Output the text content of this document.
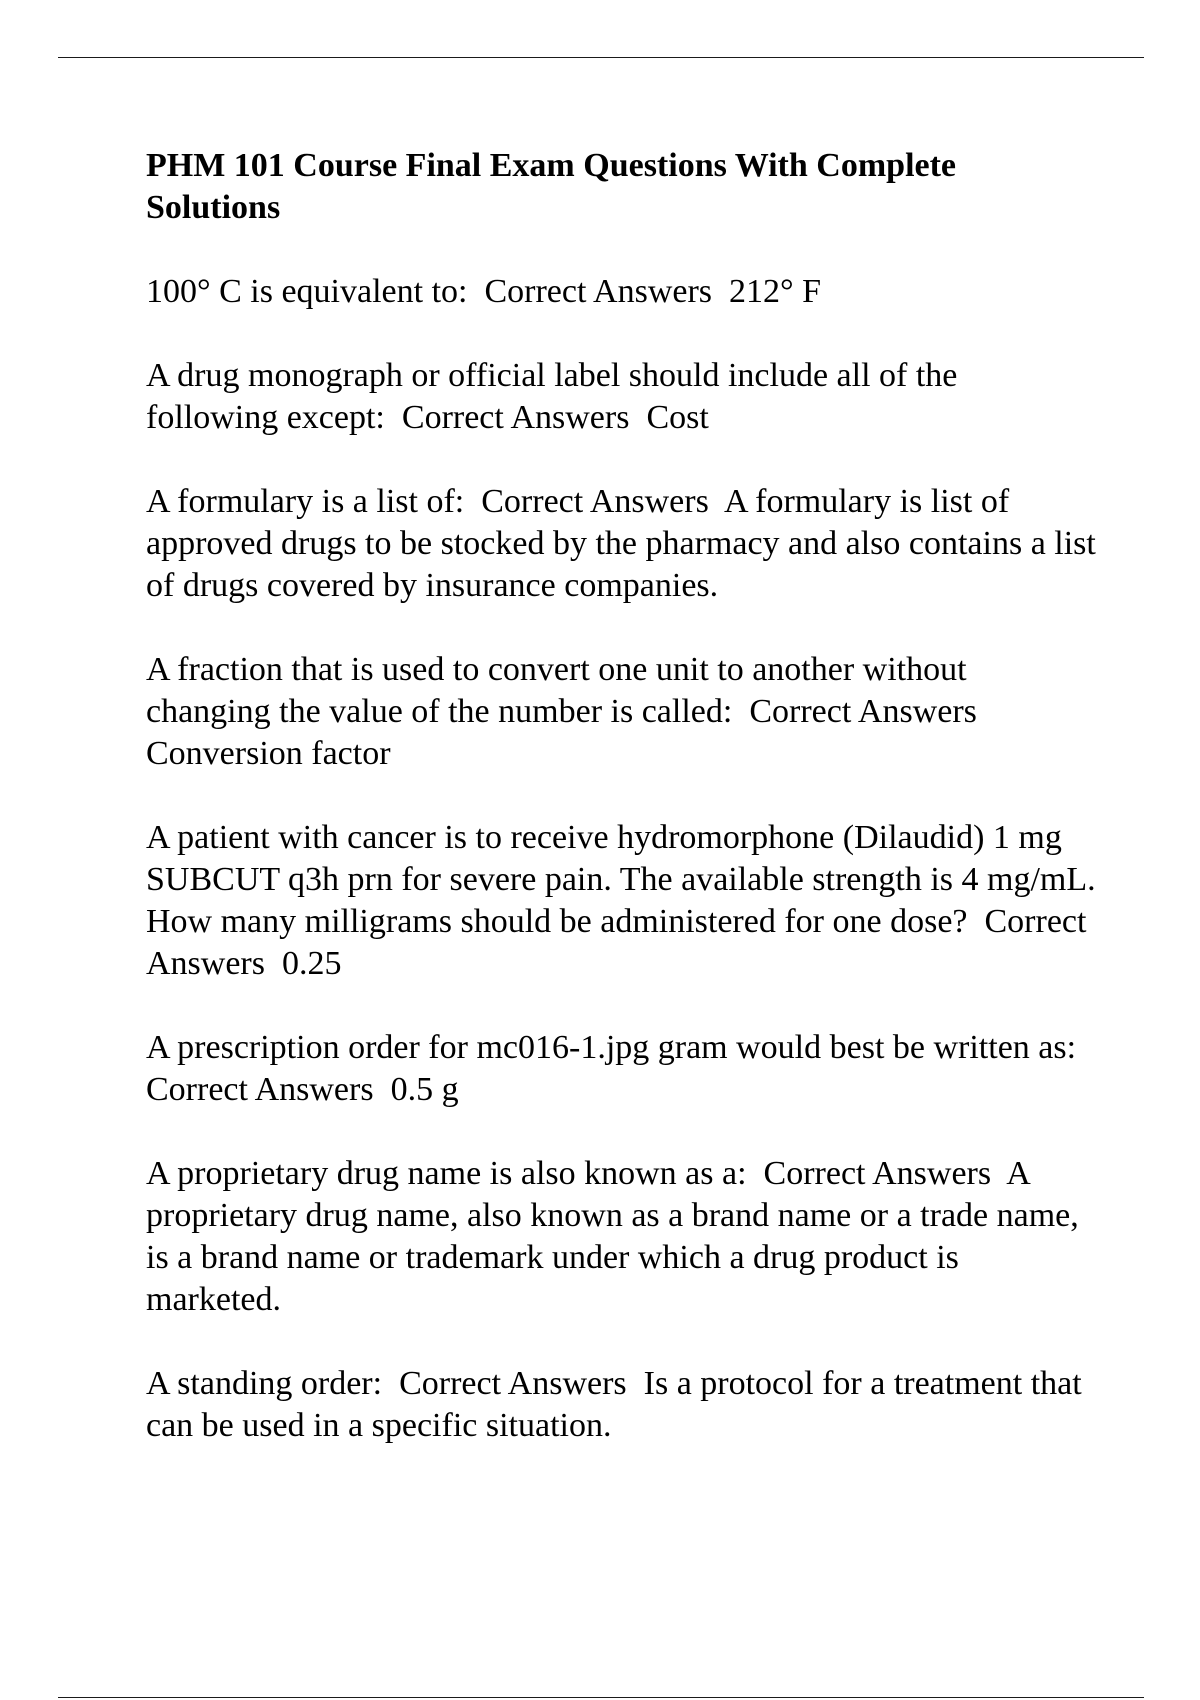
PHM 101 Course Final Exam Questions With Complete Solutions

100° C is equivalent to: Correct Answers 212° F

A drug monograph or official label should include all of the following except: Correct Answers Cost

A formulary is a list of: Correct Answers A formulary is list of approved drugs to be stocked by the pharmacy and also contains a list of drugs covered by insurance companies.

A fraction that is used to convert one unit to another without changing the value of the number is called: Correct Answers  Conversion factor

A patient with cancer is to receive hydromorphone (Dilaudid) 1 mg SUBCUT q3h prn for severe pain. The available strength is 4 mg/mL. How many milligrams should be administered for one dose? Correct Answers 0.25

A prescription order for mc016-1.jpg gram would best be written as:  Correct Answers 0.5 g

A proprietary drug name is also known as a: Correct Answers A proprietary drug name, also known as a brand name or a trade name, is a brand name or trademark under which a drug product is marketed.

A standing order: Correct Answers Is a protocol for a treatment that can be used in a specific situation.
